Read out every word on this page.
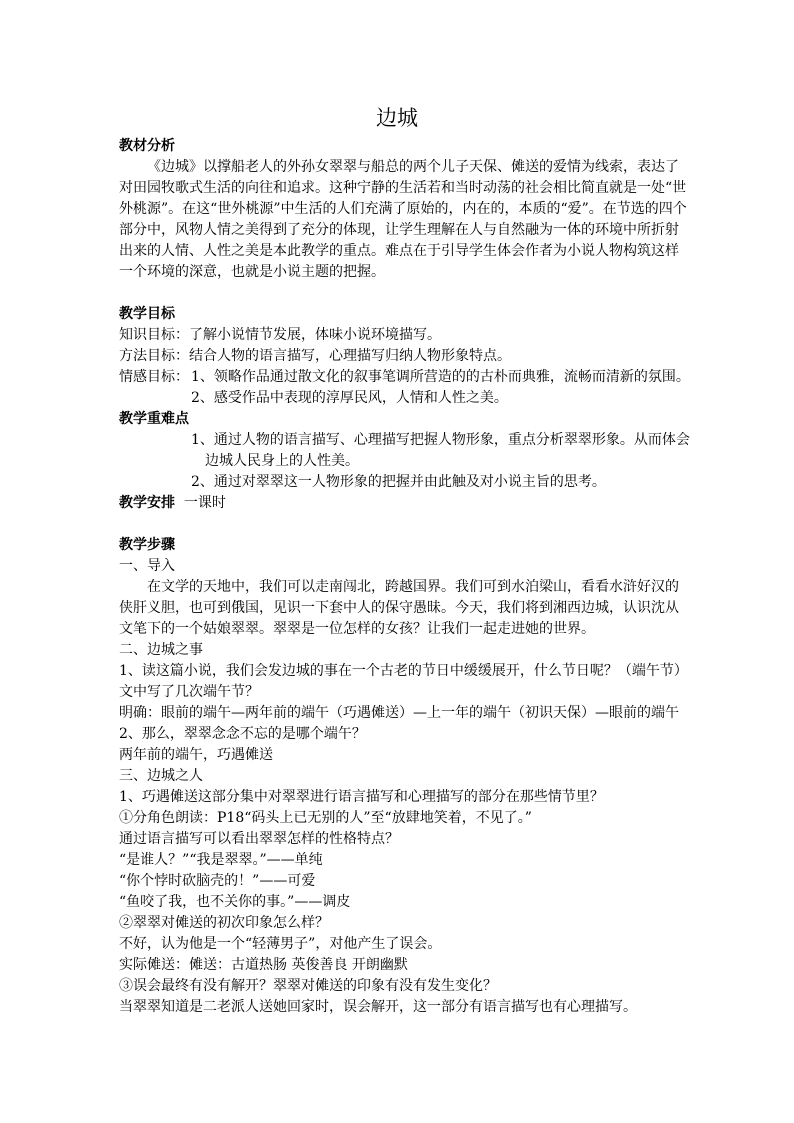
边城
教材分析
《边城》以撑船老人的外孙女翠翠与船总的两个儿子天保、傩送的爱情为线索，表达了对田园牧歌式生活的向往和追求。这种宁静的生活若和当时动荡的社会相比简直就是一处“世外桃源”。在这“世外桃源”中生活的人们充满了原始的，内在的，本质的“爱”。在节选的四个部分中，风物人情之美得到了充分的体现，让学生理解在人与自然融为一体的环境中所折射出来的人情、人性之美是本此教学的重点。难点在于引导学生体会作者为小说人物构筑这样一个环境的深意，也就是小说主题的把握。
教学目标
知识目标：了解小说情节发展，体味小说环境描写。
方法目标：结合人物的语言描写，心理描写归纳人物形象特点。
情感目标： 1、领略作品通过散文化的叙事笔调所营造的的古朴而典雅，流畅而清新的氛围。
2、感受作品中表现的淳厚民风，人情和人性之美。
教学重难点
1、通过人物的语言描写、心理描写把握人物形象，重点分析翠翠形象。从而体会
边城人民身上的人性美。
2、通过对翠翠这一人物形象的把握并由此触及对小说主旨的思考。
教学安排 一课时
教学步骤
一、导入
在文学的天地中，我们可以走南闯北，跨越国界。我们可到水泊梁山，看看水浒好汉的侠肝义胆，也可到俄国，见识一下套中人的保守愚昧。今天，我们将到湘西边城，认识沈从文笔下的一个姑娘翠翠。翠翠是一位怎样的女孩？让我们一起走进她的世界。
二、边城之事
1、读这篇小说，我们会发边城的事在一个古老的节日中缓缓展开，什么节日呢？（端午节）文中写了几次端午节？
明确：眼前的端午—两年前的端午（巧遇傩送）—上一年的端午（初识天保）—眼前的端午
2、那么，翠翠念念不忘的是哪个端午？
两年前的端午，巧遇傩送
三、边城之人
1、巧遇傩送这部分集中对翠翠进行语言描写和心理描写的部分在那些情节里？
①分角色朗读：P18“码头上已无别的人”至“放肆地笑着，不见了。”
通过语言描写可以看出翠翠怎样的性格特点？
“是谁人？”“我是翠翠。”——单纯
“你个悖时砍脑壳的！”——可爱
“鱼咬了我，也不关你的事。”——调皮
②翠翠对傩送的初次印象怎么样？
不好，认为他是一个“轻薄男子”，对他产生了误会。
实际傩送：傩送：古道热肠 英俊善良 开朗幽默
③误会最终有没有解开？翠翠对傩送的印象有没有发生变化？
当翠翠知道是二老派人送她回家时，误会解开，这一部分有语言描写也有心理描写。
